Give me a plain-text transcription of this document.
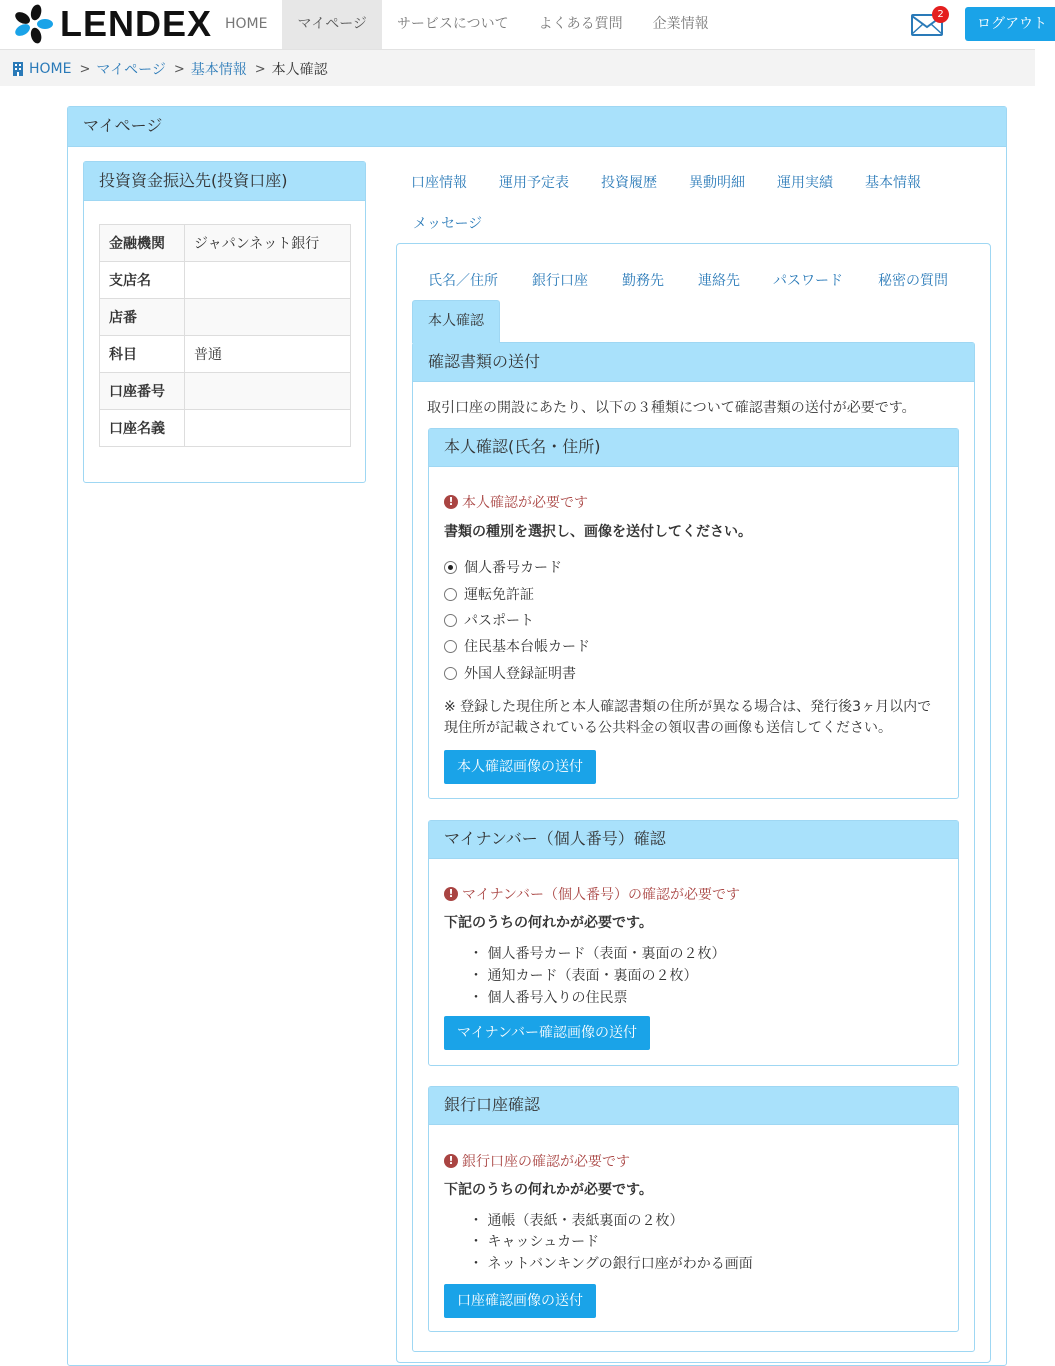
LENDEX HOME	マイページ	サービスについて	よくある質問	企業情報
2
ログアウト
HOME > マイページ > 基本情報 > 本人確認
マイページ
投資資金振込先(投資口座)
金融機関	ジャパンネット銀行
支店名	
店番	
科目	普通
口座番号	
口座名義	
口座情報 運用予定表 投資履歴 異動明細 運用実績 基本情報
メッセージ
氏名／住所 銀行口座 勤務先 連絡先 パスワード	秘密の質問
確認書類の送付
本人確認
取引口座の開設にあたり、以下の３種類について確認書類の送付が必要です。
本人確認(氏名・住所)
! 本人確認が必要です
書類の種別を選択し、画像を送付してください。
個人番号カード
運転免許証
パスポート
住民基本台帳カード
外国人登録証明書
※ 登録した現住所と本人確認書類の住所が異なる場合は、発行後3ヶ月以内で
現住所が記載されている公共料金の領収書の画像も送信してください。
本人確認画像の送付
マイナンバー（個人番号）確認
! マイナンバー（個人番号）の確認が必要です
下記のうちの何れかが必要です。
・ 個人番号カード（表面・裏面の２枚）
・ 通知カード（表面・裏面の２枚）
・ 個人番号入りの住民票
マイナンバー確認画像の送付
銀行口座確認
! 銀行口座の確認が必要です
下記のうちの何れかが必要です。
・ 通帳（表紙・表紙裏面の２枚）
・ キャッシュカード
・ ネットバンキングの銀行口座がわかる画面
口座確認画像の送付
